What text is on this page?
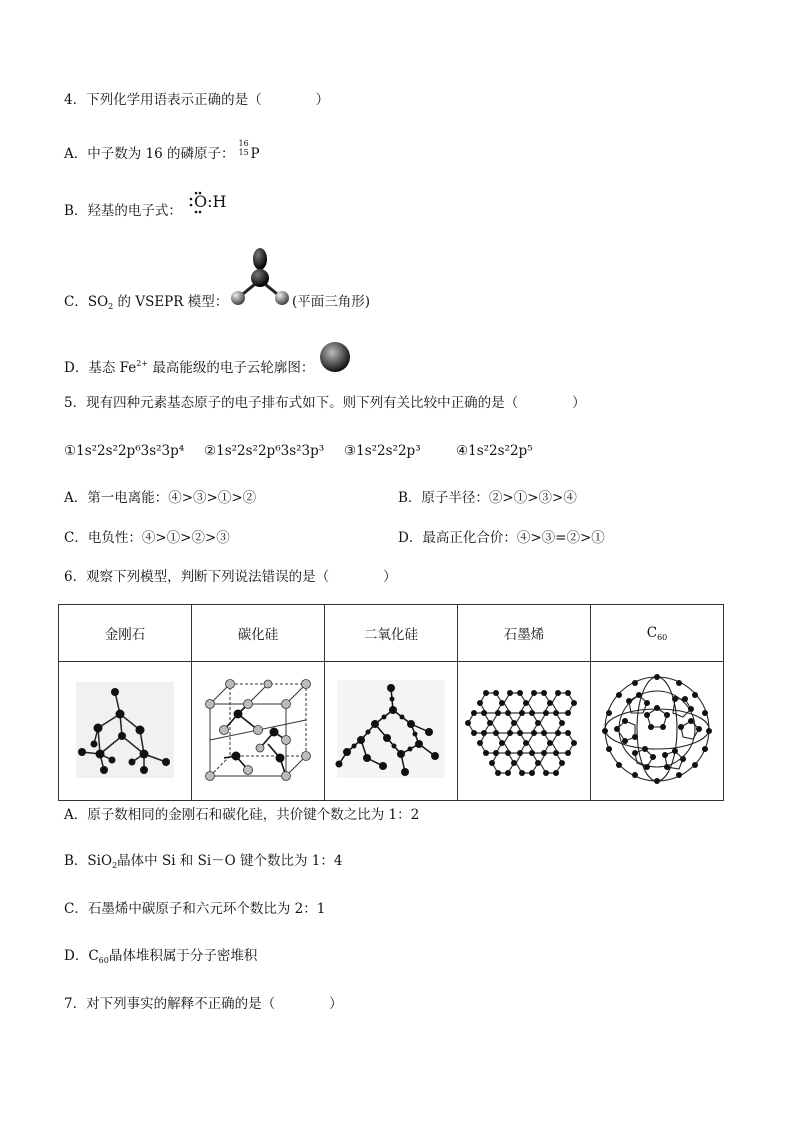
4．下列化学用语表示正确的是（　　　　）
A．中子数为 16 的磷原子：
16
15 P
B．羟基的电子式： O:H
C．$SO_2$ 的 VSEPR 模型：	(平面三角形)
D．基态 $Fe^{2+}$ 最高能级的电子云轮廓图：
5．现有四种元素基态原子的电子排布式如下。则下列有关比较中正确的是（　　　　）
①1s²2s²2p⁶3s²3p⁴ ②1s²2s²2p⁶3s²3p³ ③1s²2s²2p³	④1s²2s²2p⁵
A．第一电离能：④>③>①>②	B．原子半径：②>①>③>④
C．电负性：④>①>②>③	D．最高正化合价：④>③=②>①
6．观察下列模型，判断下列说法错误的是（　　　　）
金刚石	碳化硅	二氧化硅	石墨烯	$C_{60}$

A．原子数相同的金刚石和碳化硅，共价键个数之比为 1：2
B．SiO$_2$晶体中 Si 和 Si－O 键个数比为 1：4
C．石墨烯中碳原子和六元环个数比为 2：1
D．$C_{60}$晶体堆积属于分子密堆积
7．对下列事实的解释不正确的是（　　　　）
